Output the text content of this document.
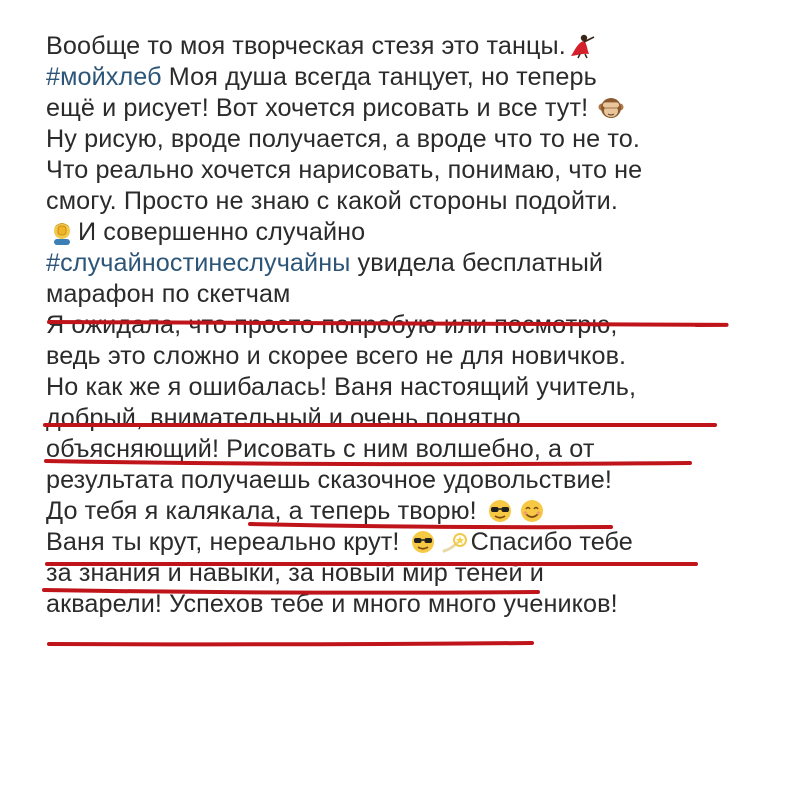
Вообще то моя творческая стезя это танцы.
#мойхлеб Моя душа всегда танцует, но теперь
ещё и рисует! Вот хочется рисовать и все тут!
Ну рисую, вроде получается, а вроде что то не то.
Что реально хочется нарисовать, понимаю, что не
смогу. Просто не знаю с какой стороны подойти.
И совершенно случайно
#случайностинеслучайны увидела бесплатный
марафон по скетчам
Я ожидала, что просто попробую или посмотрю,
ведь это сложно и скорее всего не для новичков.
Но как же я ошибалась! Ваня настоящий учитель,
добрый, внимательный и очень понятно
объясняющий! Рисовать с ним волшебно, а от
результата получаешь сказочное удовольствие!
До тебя я калякала, а теперь творю!
Ваня ты крут, нереально крут!	Спасибо тебе
за знания и навыки, за новый мир теней и
акварели! Успехов тебе и много много учеников!
